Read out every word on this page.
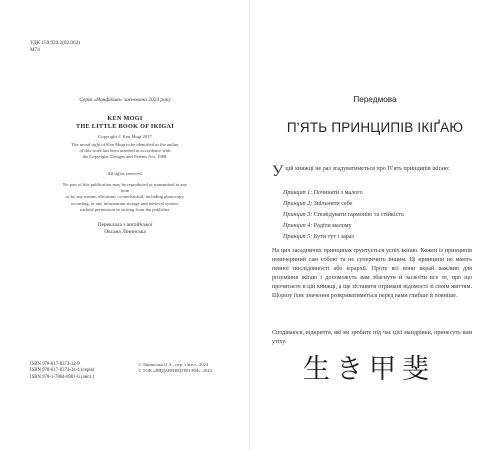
УДК 159.923.2(02.062)
М74
Серія «Нонфікшн» заснована 2024 року
KEN MOGI
THE LITTLE BOOK OF IKIGAI
Copyright © Ken Mogi 2017
The moral right of Ken Mogi to be identified as the author
of this work has been asserted in accordance with
the Copyright, Designs and Patents Act, 1988.
All rights reserved.
No part of this publication may be reproduced or transmitted in any form
or by any means, electronic or mechanical, including photocopy,
recording, or any information storage and retrieval system,
without permission in writing from the publisher.
Переклала з англійської
Оксана Лінинська
ISBN 978-617-8373-12-9
ISBN 978-617-8373-34-4 (серія)
ISBN 978-1-7864-8901-6 (англ.)
© Лінинська О.А., пер. з англ., 2024
© ТОВ «ВИДАВНИЦТВО РМ», 2024
Передмова
П’ЯТЬ ПРИНЦИПІВ ІКІҐАЮ
У цій книжці не раз згадуватиметься про П’ять принципів ікіґаю:
Принцип 1: Починати з малого
Принцип 2: Звільнити себе
Принцип 3: Сповідувати гармонію та стійкість
Принцип 4: Радіти малому
Принцип 5: Бути тут і зараз
На цих засадничих принципах ґрунтується успіх ікіґаю. Кожен із принципів невичерпний сам собою та не суперечить іншим. Ці принципи не мають певної послідовності або ієрархії. Проте всі вони вкрай важливі для розуміння ікіґаю і допоможуть вам збагнути й засвоїти все те, про що прочитаєте в цій книжці, а ще зіставити отримані відомості зі своїм життям. Щоразу їхнє значення розкриватиметься перед вами глибше й повніше.
Сподіваюся, відкриття, які ви зробите під час цієї мандрівки, принесуть вам утіху.
生き甲斐
